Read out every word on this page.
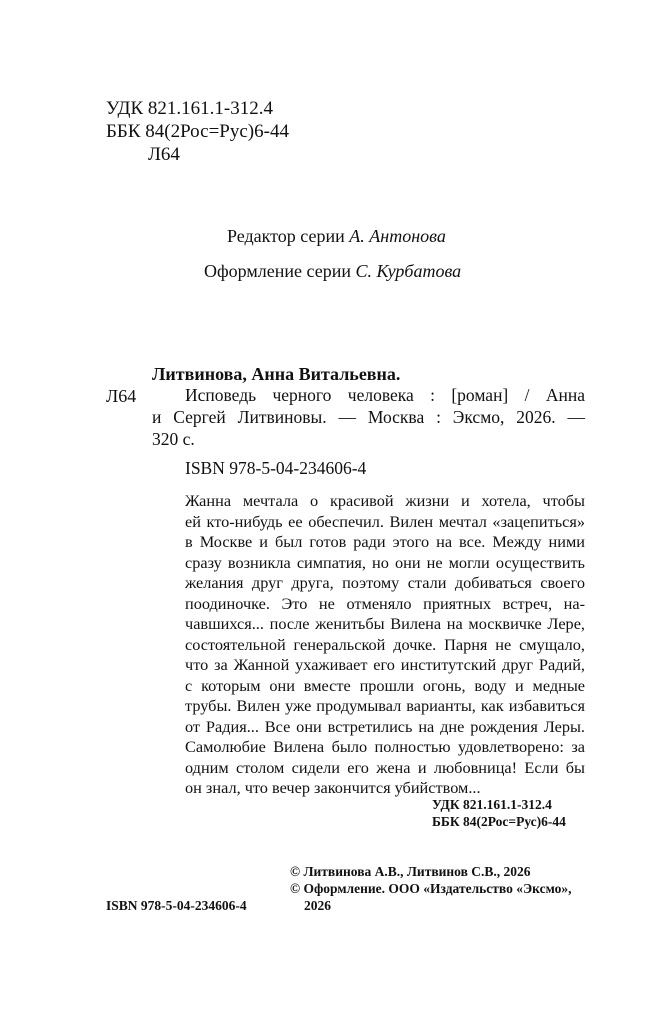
УДК 821.161.1-312.4
ББК 84(2Рос=Рус)6-44
Л64
Редактор серии А. Антонова
Оформление серии С. Курбатова
Литвинова, Анна Витальевна.
Л64	Исповедь черного человека : [роман] / Анна
и Сергей Литвиновы. — Москва : Эксмо, 2026. —
320 с.
ISBN 978-5-04-234606-4
Жанна мечтала о красивой жизни и хотела, чтобы
ей кто-нибудь ее обеспечил. Вилен мечтал «зацепиться»
в Москве и был готов ради этого на все. Между ними
сразу возникла симпатия, но они не могли осуществить
желания друг друга, поэтому стали добиваться своего
поодиночке. Это не отменяло приятных встреч, на-
чавшихся... после женитьбы Вилена на москвичке Лере,
состоятельной генеральской дочке. Парня не смущало,
что за Жанной ухаживает его институтский друг Радий,
с которым они вместе прошли огонь, воду и медные
трубы. Вилен уже продумывал варианты, как избавиться
от Радия... Все они встретились на дне рождения Леры.
Самолюбие Вилена было полностью удовлетворено: за
одним столом сидели его жена и любовница! Если бы
он знал, что вечер закончится убийством...
УДК 821.161.1-312.4
ББК 84(2Рос=Рус)6-44
© Литвинова А.В., Литвинов С.В., 2026
© Оформление. ООО «Издательство «Эксмо»,
2026
ISBN 978-5-04-234606-4
